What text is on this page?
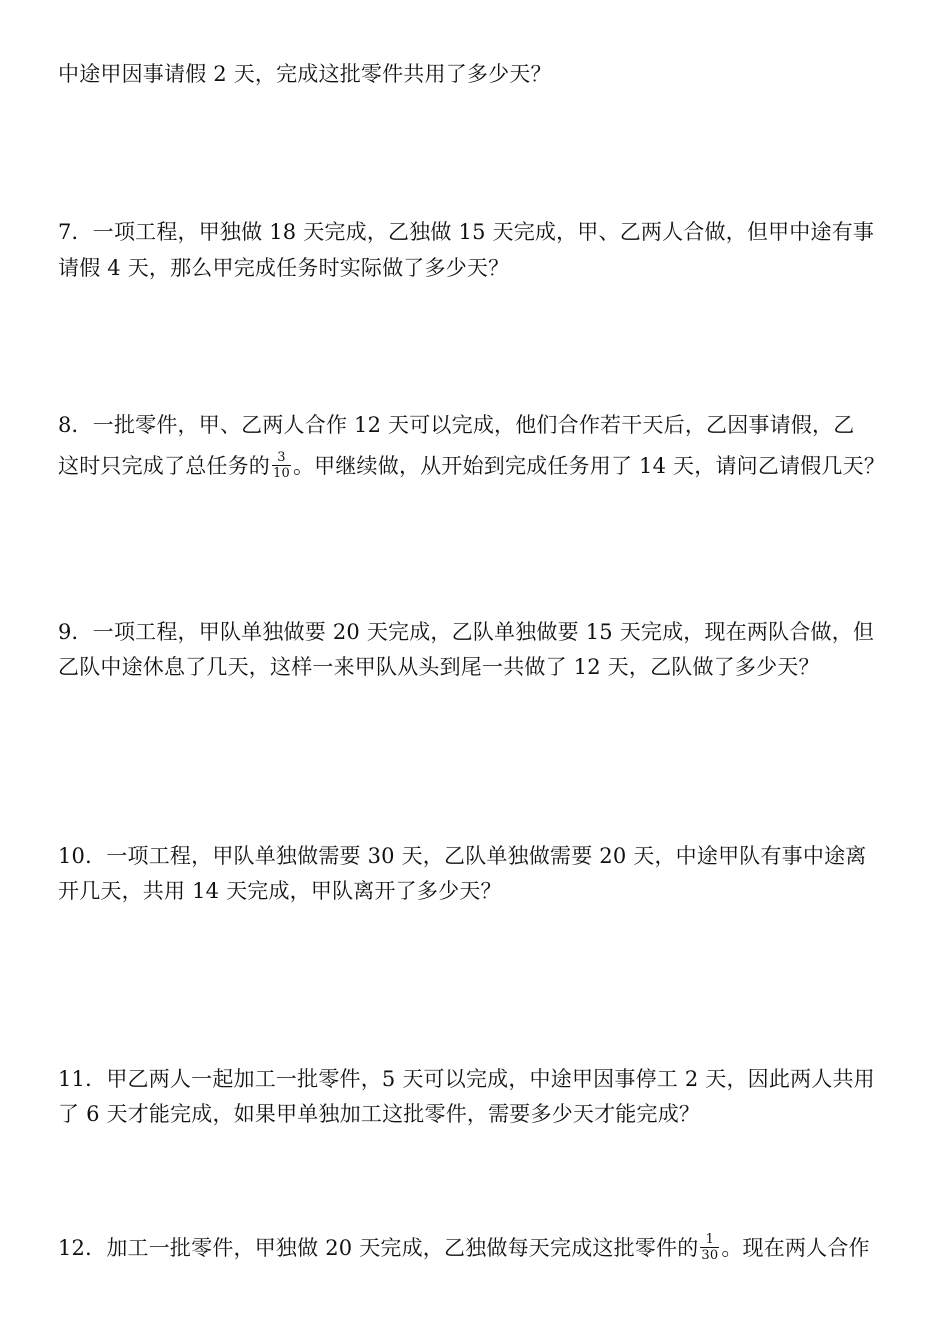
中途甲因事请假 2 天，完成这批零件共用了多少天？
7．一项工程，甲独做 18 天完成，乙独做 15 天完成，甲、乙两人合做，但甲中途有事
请假 4 天，那么甲完成任务时实际做了多少天？
8．一批零件，甲、乙两人合作 12 天可以完成，他们合作若干天后，乙因事请假，乙
这时只完成了总任务的 $\frac{3}{10}$ 。甲继续做，从开始到完成任务用了 14 天，请问乙请假几天？
9．一项工程，甲队单独做要 20 天完成，乙队单独做要 15 天完成，现在两队合做，但
乙队中途休息了几天，这样一来甲队从头到尾一共做了 12 天，乙队做了多少天？
10．一项工程，甲队单独做需要 30 天，乙队单独做需要 20 天，中途甲队有事中途离
开几天，共用 14 天完成，甲队离开了多少天？
11．甲乙两人一起加工一批零件，5 天可以完成，中途甲因事停工 2 天，因此两人共用
了 6 天才能完成，如果甲单独加工这批零件，需要多少天才能完成？
12．加工一批零件，甲独做 20 天完成，乙独做每天完成这批零件的 $\frac{1}{30}$ 。现在两人合作
